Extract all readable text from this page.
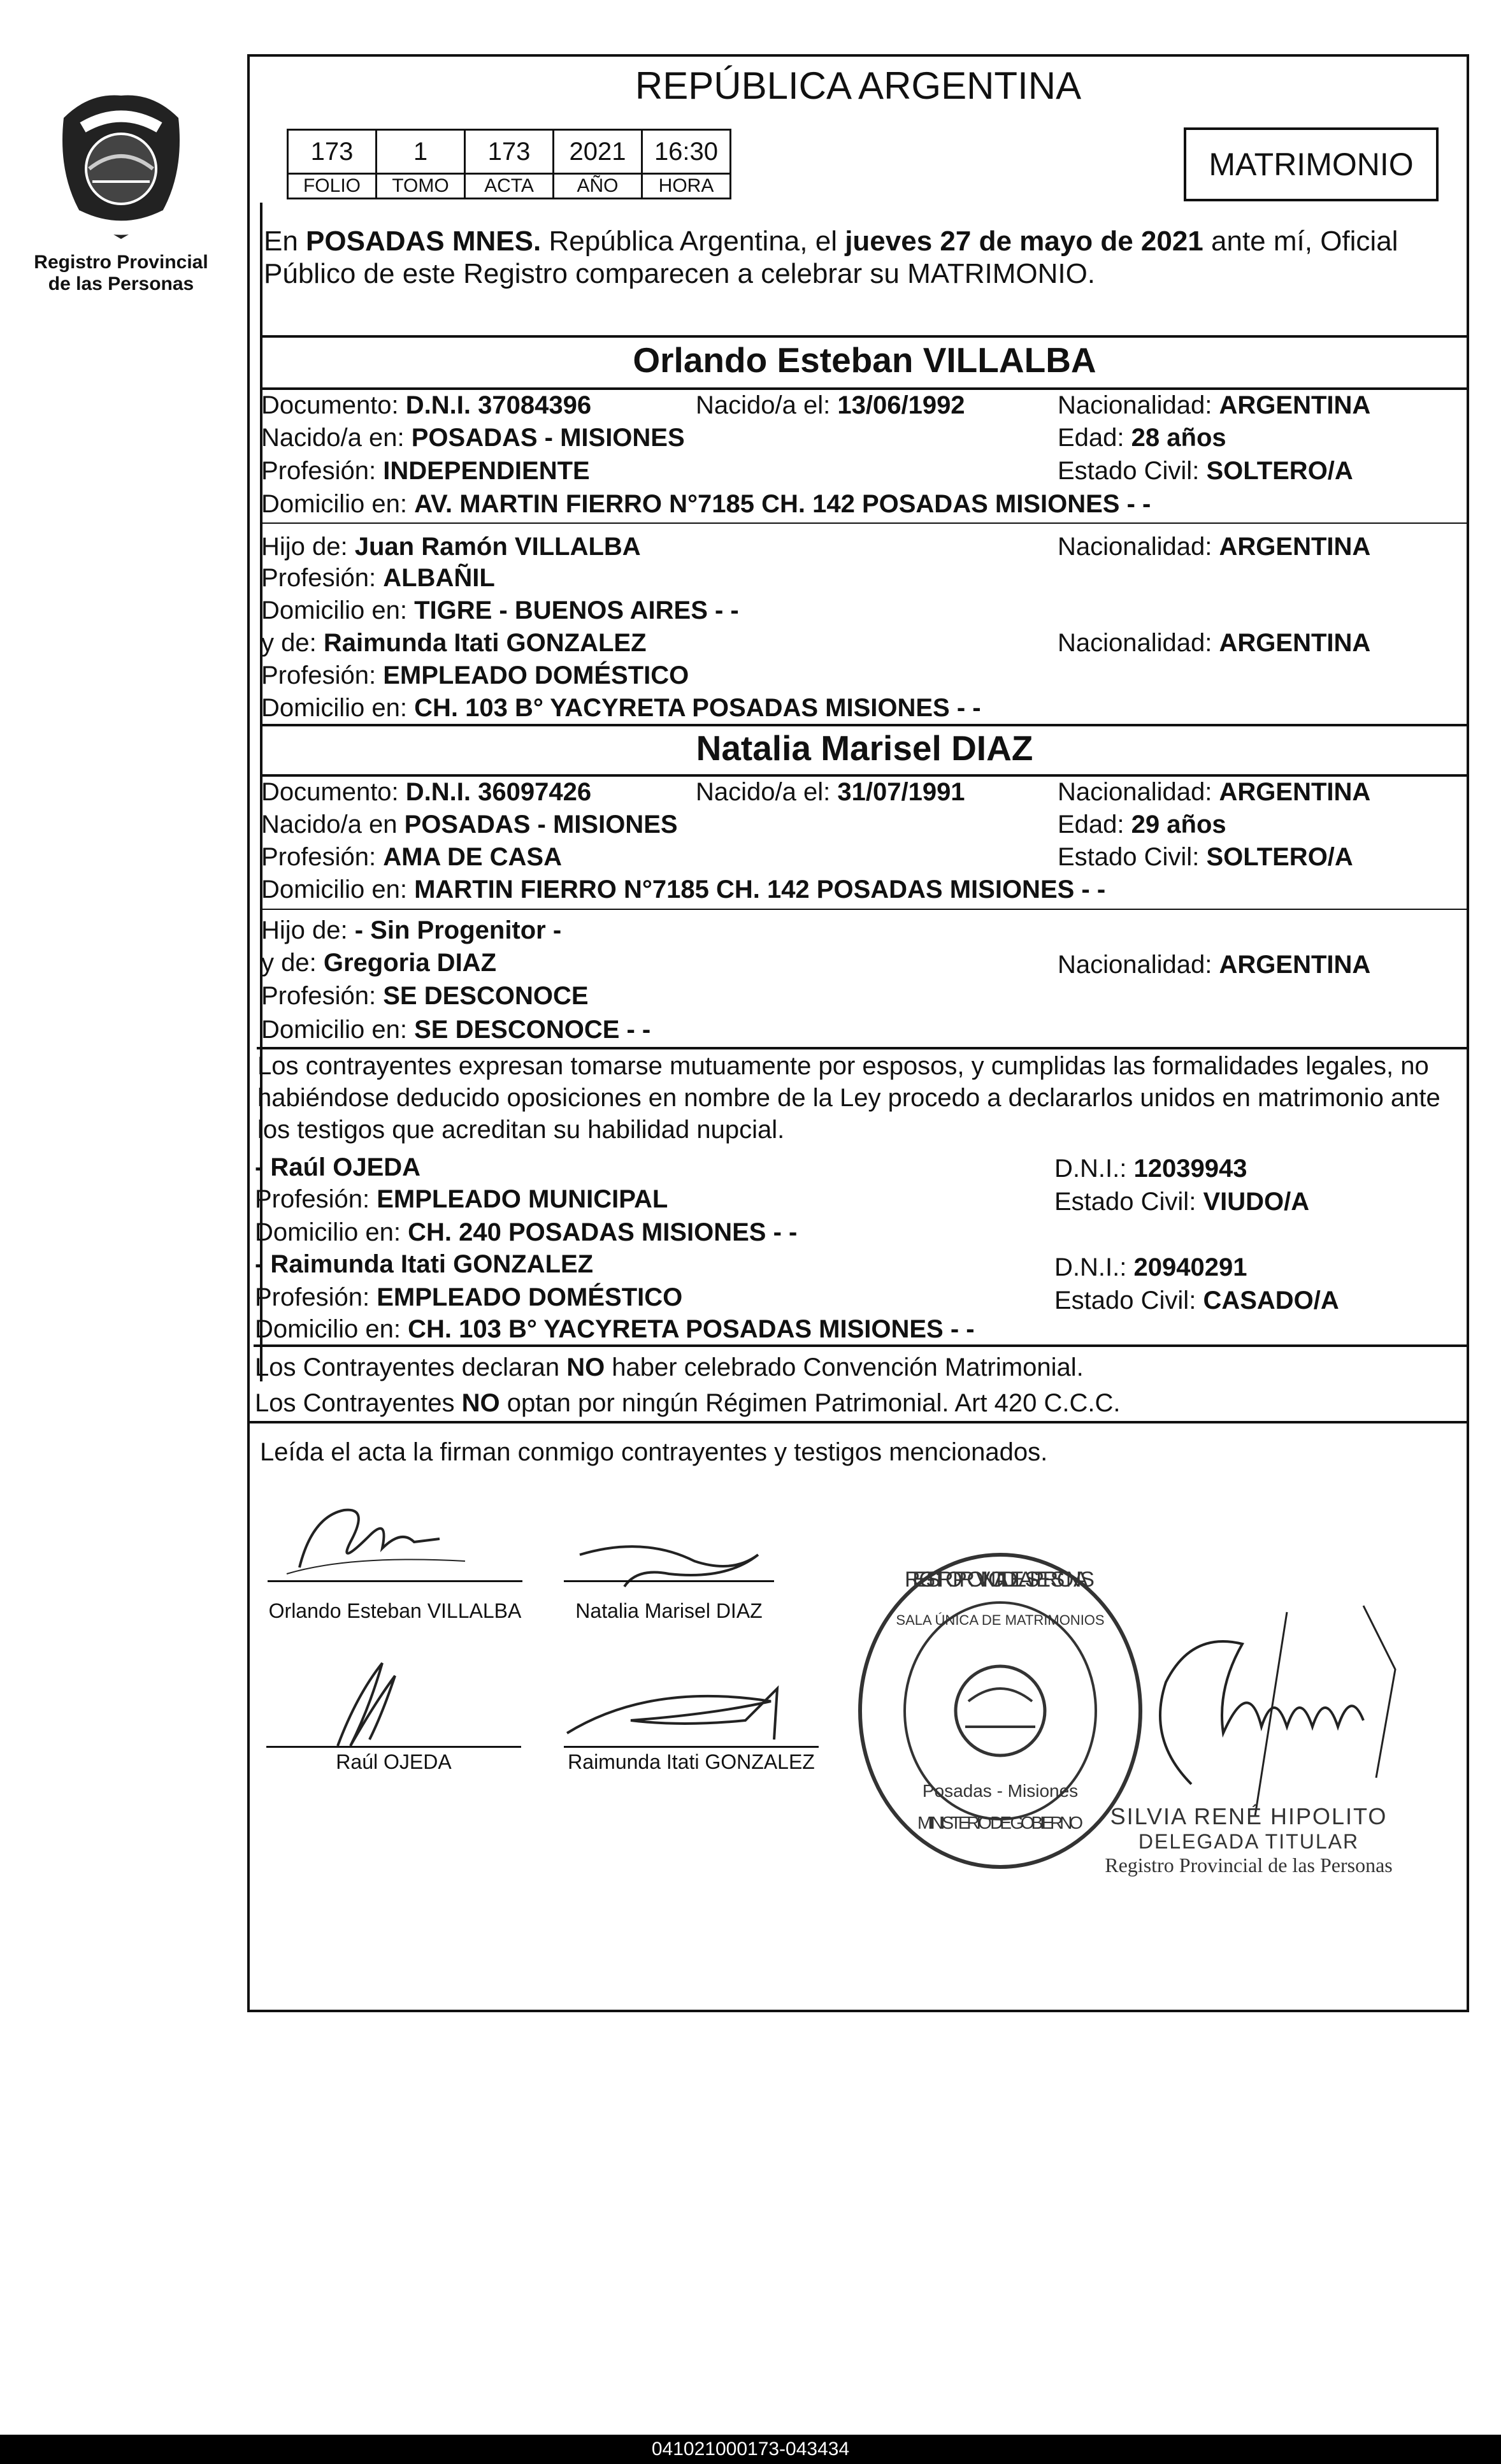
Registro Provincial
de las Personas
REPÚBLICA ARGENTINA
173	1	173	2021	16:30
FOLIO	TOMO	ACTA	AÑO	HORA
MATRIMONIO
En POSADAS MNES. República Argentina, el jueves 27 de mayo de 2021 ante mí, Oficial
Público de este Registro comparecen a celebrar su MATRIMONIO.
Orlando Esteban VILLALBA
Documento: D.N.I. 37084396	Nacido/a el: 13/06/1992	Nacionalidad: ARGENTINA
Nacido/a en: POSADAS - MISIONES	Edad: 28 años
Profesión: INDEPENDIENTE	Estado Civil: SOLTERO/A
Domicilio en: AV. MARTIN FIERRO N°7185 CH. 142 POSADAS MISIONES - -
Hijo de: Juan Ramón VILLALBA	Nacionalidad: ARGENTINA
Profesión: ALBAÑIL
Domicilio en: TIGRE - BUENOS AIRES - -
y de: Raimunda Itati GONZALEZ	Nacionalidad: ARGENTINA
Profesión: EMPLEADO DOMÉSTICO
Domicilio en: CH. 103 B° YACYRETA POSADAS MISIONES - -
Natalia Marisel DIAZ
Documento: D.N.I. 36097426	Nacido/a el: 31/07/1991	Nacionalidad: ARGENTINA
Nacido/a en POSADAS - MISIONES	Edad: 29 años
Profesión: AMA DE CASA	Estado Civil: SOLTERO/A
Domicilio en: MARTIN FIERRO N°7185 CH. 142 POSADAS MISIONES - -
Hijo de: - Sin Progenitor -
y de: Gregoria DIAZ	Nacionalidad: ARGENTINA
Profesión: SE DESCONOCE
Domicilio en: SE DESCONOCE - -
Los contrayentes expresan tomarse mutuamente por esposos, y cumplidas las formalidades legales, no
habiéndose deducido oposiciones en nombre de la Ley procedo a declararlos unidos en matrimonio ante
los testigos que acreditan su habilidad nupcial.
- Raúl OJEDA	D.N.I.: 12039943
Profesión: EMPLEADO MUNICIPAL	Estado Civil: VIUDO/A
Domicilio en: CH. 240 POSADAS MISIONES - -
- Raimunda Itati GONZALEZ	D.N.I.: 20940291
Profesión: EMPLEADO DOMÉSTICO	Estado Civil: CASADO/A
Domicilio en: CH. 103 B° YACYRETA POSADAS MISIONES - -
Los Contrayentes declaran NO haber celebrado Convención Matrimonial.
Los Contrayentes NO optan por ningún Régimen Patrimonial. Art 420 C.C.C.
Leída el acta la firman conmigo contrayentes y testigos mencionados.
Orlando Esteban VILLALBA	Natalia Marisel DIAZ
Raúl OJEDA	Raimunda Itati GONZALEZ
REGISTRO PROVINCIAL DE LAS PERSONAS
MINISTERIO DE GOBIERNO
Posadas - Misiones
SALA ÚNICA DE MATRIMONIOS
SILVIA RENÉ HIPOLITO
DELEGADA TITULAR
Registro Provincial de las Personas
041021000173-043434
